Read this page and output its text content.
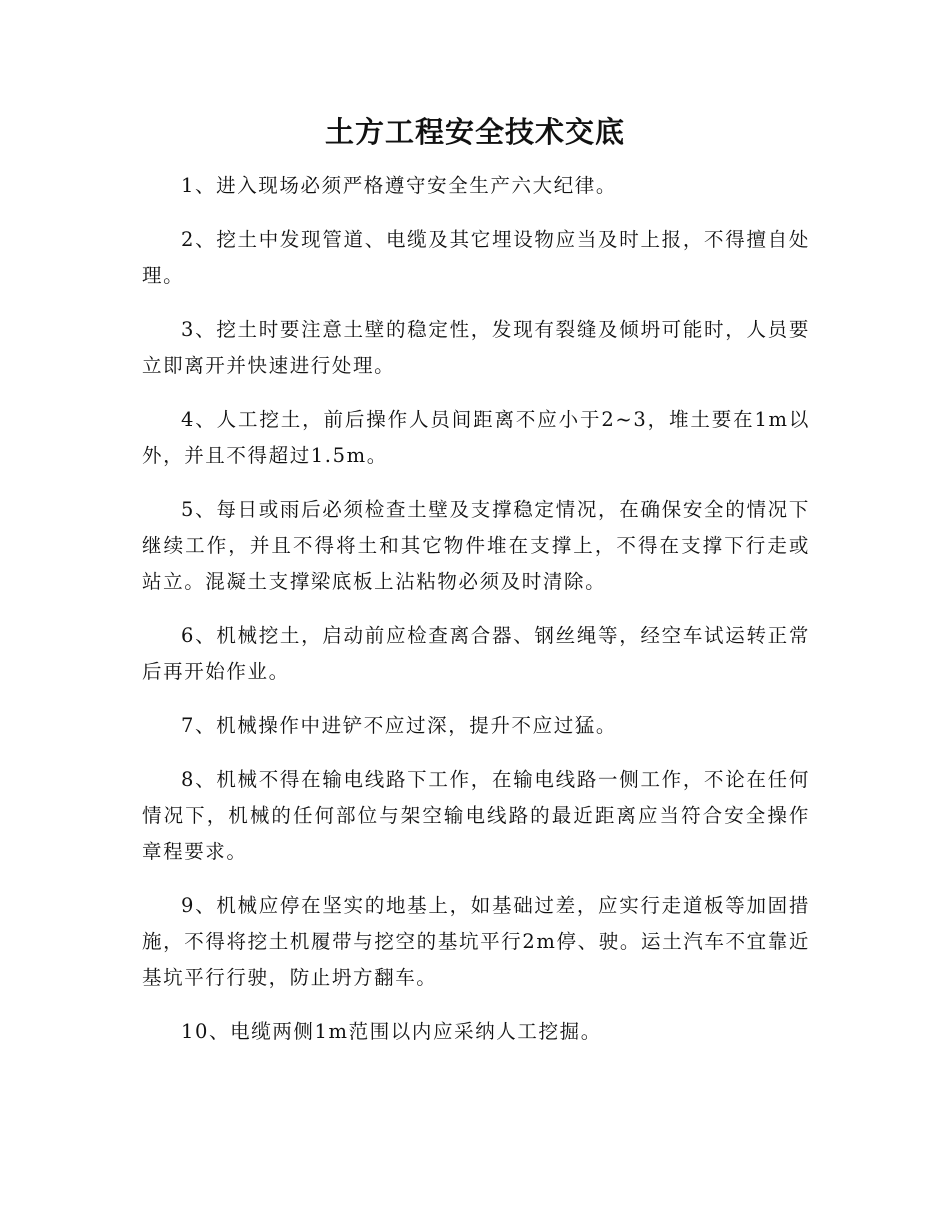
土方工程安全技术交底

1、进入现场必须严格遵守安全生产六大纪律。

2、挖土中发现管道、电缆及其它埋设物应当及时上报，不得擅自处理。

3、挖土时要注意土壁的稳定性，发现有裂缝及倾坍可能时，人员要立即离开并快速进行处理。

4、人工挖土，前后操作人员间距离不应小于2~3，堆土要在1m以外，并且不得超过1.5m。

5、每日或雨后必须检查土壁及支撑稳定情况，在确保安全的情况下继续工作，并且不得将土和其它物件堆在支撑上，不得在支撑下行走或站立。混凝土支撑梁底板上沾粘物必须及时清除。

6、机械挖土，启动前应检查离合器、钢丝绳等，经空车试运转正常后再开始作业。

7、机械操作中进铲不应过深，提升不应过猛。

8、机械不得在输电线路下工作，在输电线路一侧工作，不论在任何情况下，机械的任何部位与架空输电线路的最近距离应当符合安全操作章程要求。

9、机械应停在坚实的地基上，如基础过差，应实行走道板等加固措施，不得将挖土机履带与挖空的基坑平行2m停、驶。运土汽车不宜靠近基坑平行行驶，防止坍方翻车。

10、电缆两侧1m范围以内应采纳人工挖掘。
